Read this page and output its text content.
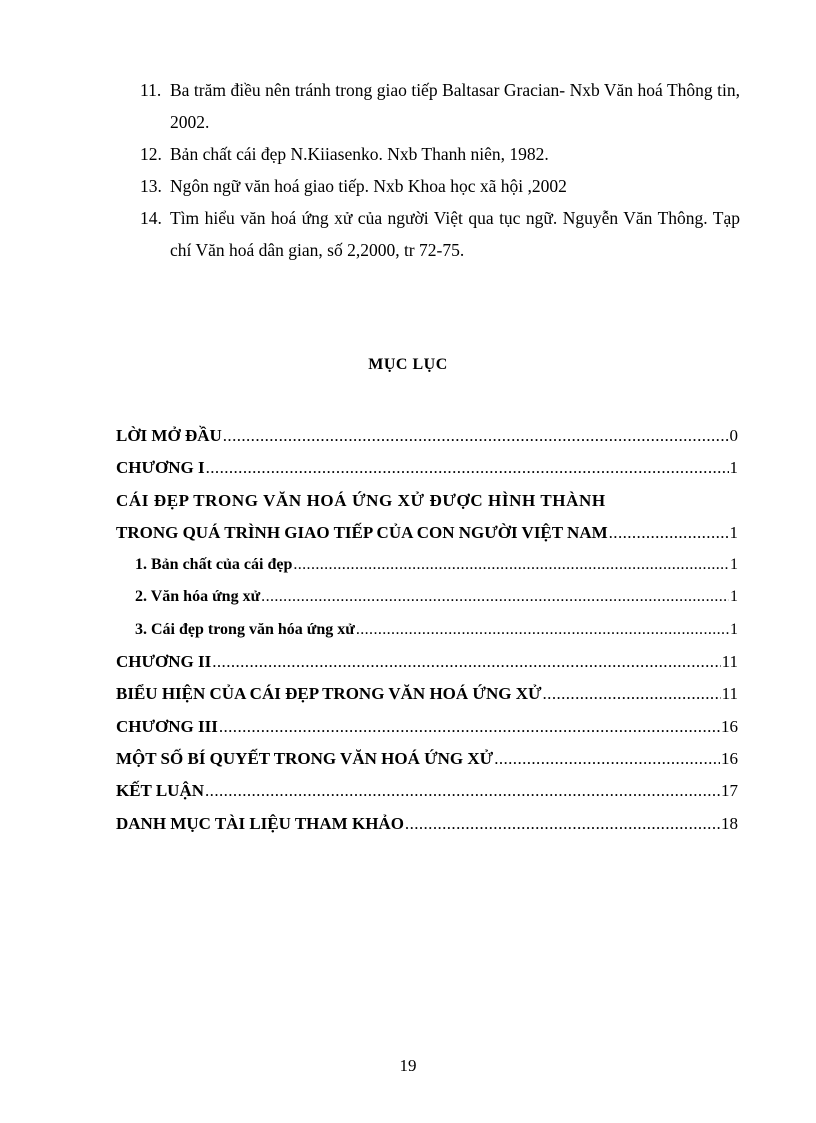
11. Ba trăm điều nên tránh trong giao tiếp Baltasar Gracian- Nxb Văn hoá Thông tin, 2002.
12. Bản chất cái đẹp N.Kiiasenko. Nxb Thanh niên, 1982.
13. Ngôn ngữ văn hoá giao tiếp. Nxb Khoa học xã hội ,2002
14. Tìm hiểu văn hoá ứng xử của người Việt qua tục ngữ. Nguyễn Văn Thông. Tạp chí Văn hoá dân gian, số 2,2000, tr 72-75.
MỤC LỤC
LỜI MỞ ĐẦU .....	0
CHƯƠNG I .....	1
CÁI ĐẸP TRONG VĂN HOÁ ỨNG XỬ ĐƯỢC HÌNH THÀNH
TRONG QUÁ TRÌNH GIAO TIẾP CỦA CON NGƯỜI VIỆT NAM .....	1
1. Bản chất của cái đẹp .....	1
2. Văn hóa ứng xử .....	1
3. Cái đẹp trong văn hóa ứng xử .....	1
CHƯƠNG II .....	11
BIỂU HIỆN CỦA CÁI ĐẸP TRONG VĂN HOÁ ỨNG XỬ .....	11
CHƯƠNG III .....	16
MỘT SỐ BÍ QUYẾT TRONG VĂN HOÁ ỨNG XỬ .....	16
KẾT LUẬN .....	17
DANH MỤC TÀI LIỆU THAM KHẢO .....	18
19
